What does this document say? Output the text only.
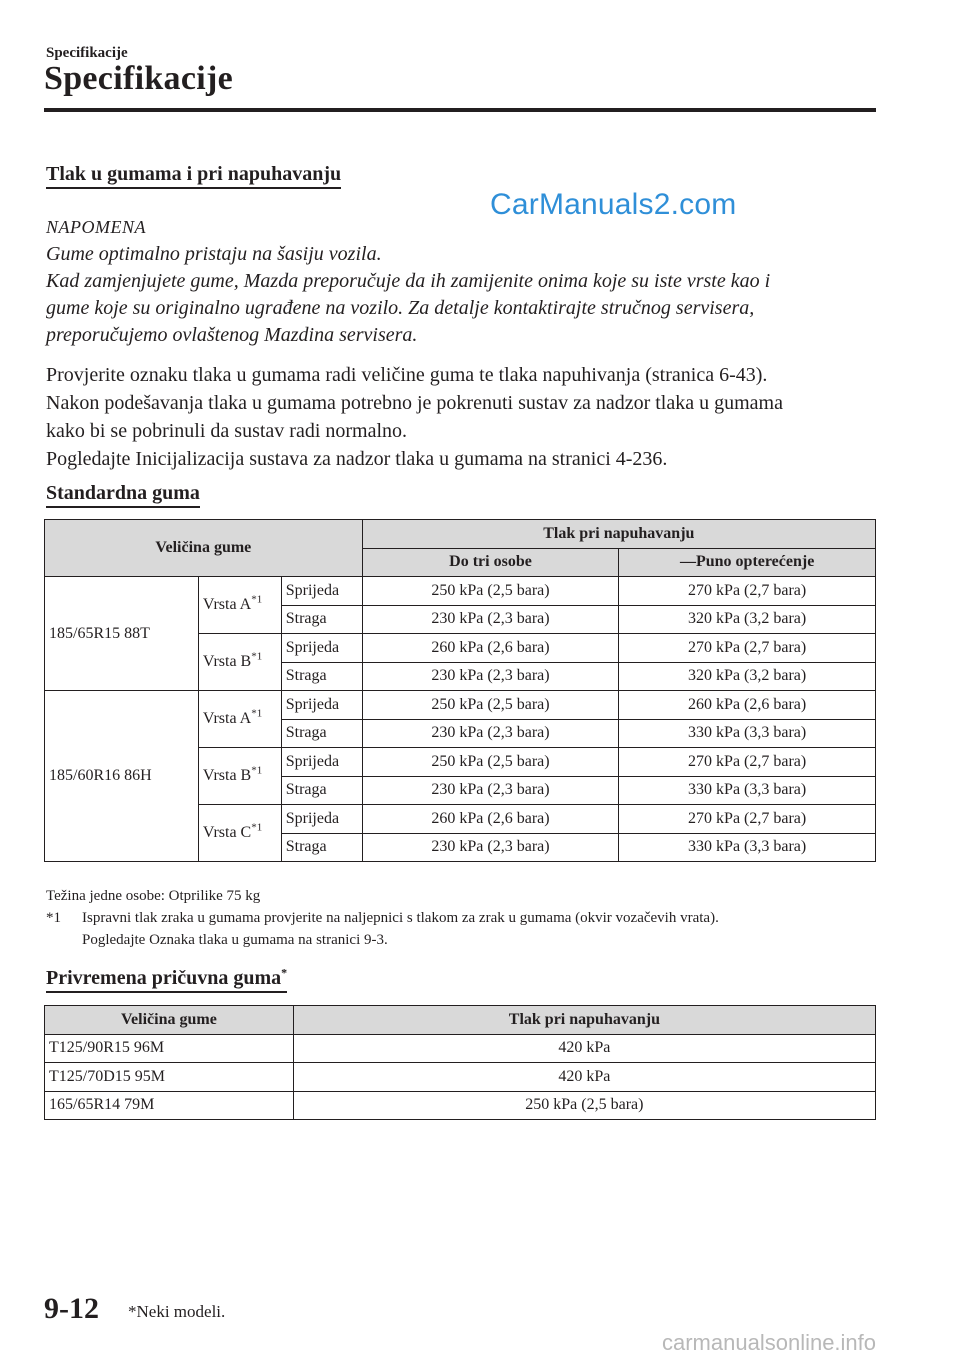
Specifikacije
Specifikacije
Tlak u gumama i pri napuhavanju
CarManuals2.com
NAPOMENA
Gume optimalno pristaju na šasiju vozila.
Kad zamjenjujete gume, Mazda preporučuje da ih zamijenite onima koje su iste vrste kao i
gume koje su originalno ugrađene na vozilo. Za detalje kontaktirajte stručnog servisera,
preporučujemo ovlaštenog Mazdina servisera.
Provjerite oznaku tlaka u gumama radi veličine guma te tlaka napuhivanja (stranica 6-43).
Nakon podešavanja tlaka u gumama potrebno je pokrenuti sustav za nadzor tlaka u gumama
kako bi se pobrinuli da sustav radi normalno.
Pogledajte Inicijalizacija sustava za nadzor tlaka u gumama na stranici 4-236.
Standardna guma
Veličina gume			Tlak pri napuhavanju	
			Do tri osobe	—Puno opterećenje
185/65R15 88T	Vrsta $A^{*1}$	Sprijeda	250 kPa (2,5 bara)	270 kPa (2,7 bara)
		Straga	230 kPa (2,3 bara)	320 kPa (3,2 bara)
	Vrsta $B^{*1}$	Sprijeda	260 kPa (2,6 bara)	270 kPa (2,7 bara)
		Straga	230 kPa (2,3 bara)	320 kPa (3,2 bara)
185/60R16 86H	Vrsta $A^{*1}$	Sprijeda	250 kPa (2,5 bara)	260 kPa (2,6 bara)
		Straga	230 kPa (2,3 bara)	330 kPa (3,3 bara)
	Vrsta $B^{*1}$	Sprijeda	250 kPa (2,5 bara)	270 kPa (2,7 bara)
		Straga	230 kPa (2,3 bara)	330 kPa (3,3 bara)
	Vrsta $C^{*1}$	Sprijeda	260 kPa (2,6 bara)	270 kPa (2,7 bara)
		Straga	230 kPa (2,3 bara)	330 kPa (3,3 bara)
Težina jedne osobe: Otprilike 75 kg
*1	Ispravni tlak zraka u gumama provjerite na naljepnici s tlakom za zrak u gumama (okvir vozačevih vrata).
Pogledajte Oznaka tlaka u gumama na stranici 9-3.
Privremena pričuvna guma*
Veličina gume	Tlak pri napuhavanju
T125/90R15 96M	420 kPa
T125/70D15 95M	420 kPa
165/65R14 79M	250 kPa (2,5 bara)
9-12 *Neki modeli.
carmanualsonline.info
